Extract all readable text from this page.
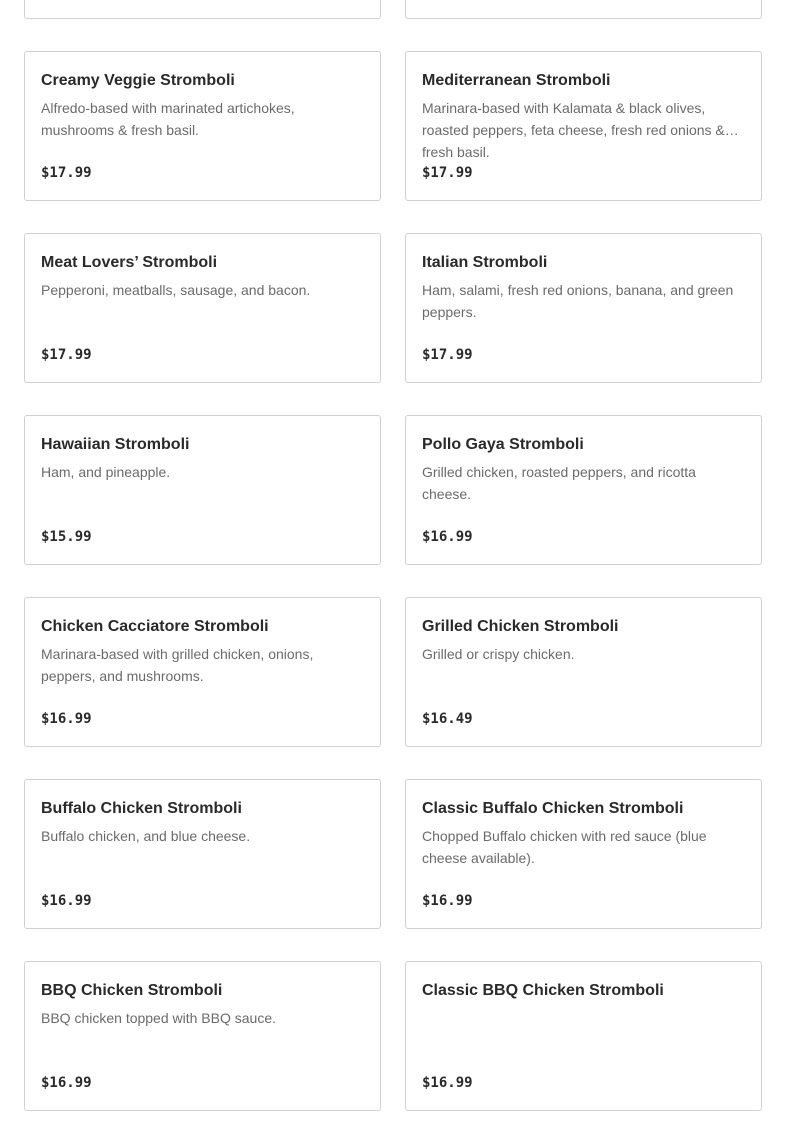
Creamy Veggie Stromboli
Alfredo-based with marinated artichokes, mushrooms & fresh basil.
$17.99
Mediterranean Stromboli
Marinara-based with Kalamata & black olives, roasted peppers, feta cheese, fresh red onions & fresh basil.
$17.99
Meat Lovers’ Stromboli
Pepperoni, meatballs, sausage, and bacon.
$17.99
Italian Stromboli
Ham, salami, fresh red onions, banana, and green peppers.
$17.99
Hawaiian Stromboli
Ham, and pineapple.
$15.99
Pollo Gaya Stromboli
Grilled chicken, roasted peppers, and ricotta cheese.
$16.99
Chicken Cacciatore Stromboli
Marinara-based with grilled chicken, onions, peppers, and mushrooms.
$16.99
Grilled Chicken Stromboli
Grilled or crispy chicken.
$16.49
Buffalo Chicken Stromboli
Buffalo chicken, and blue cheese.
$16.99
Classic Buffalo Chicken Stromboli
Chopped Buffalo chicken with red sauce (blue cheese available).
$16.99
BBQ Chicken Stromboli
BBQ chicken topped with BBQ sauce.
$16.99
Classic BBQ Chicken Stromboli
$16.99
